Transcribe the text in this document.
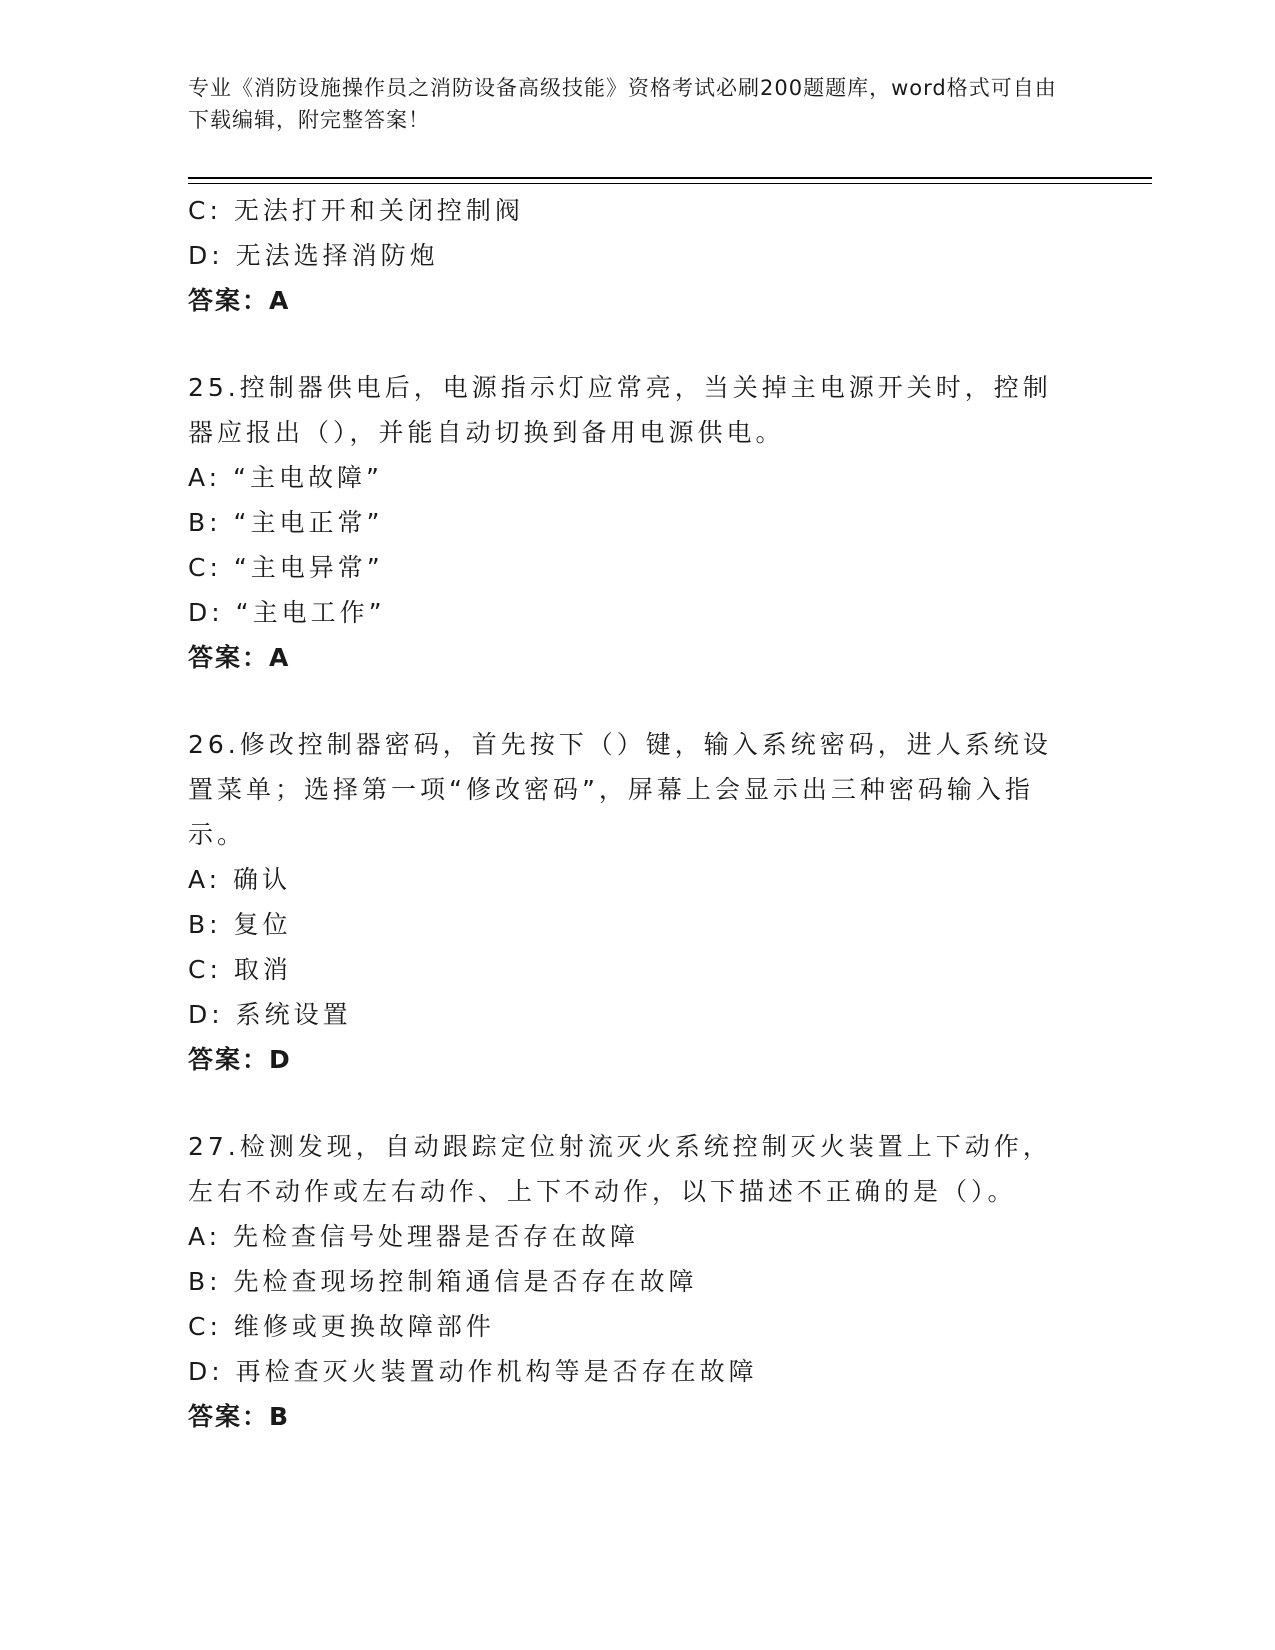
专业《消防设施操作员之消防设备高级技能》资格考试必刷200题题库，word格式可自由下载编辑，附完整答案！
C: 无法打开和关闭控制阀
D: 无法选择消防炮
答案：A
25.控制器供电后，电源指示灯应常亮，当关掉主电源开关时，控制器应报出（），并能自动切换到备用电源供电。
A: “主电故障”
B: “主电正常”
C: “主电异常”
D: “主电工作”
答案：A
26.修改控制器密码，首先按下（）键，输入系统密码，进人系统设置菜单；选择第一项“修改密码”，屏幕上会显示出三种密码输入指示。
A: 确认
B: 复位
C: 取消
D: 系统设置
答案：D
27.检测发现，自动跟踪定位射流灭火系统控制灭火装置上下动作，左右不动作或左右动作、上下不动作，以下描述不正确的是（）。
A: 先检查信号处理器是否存在故障
B: 先检查现场控制箱通信是否存在故障
C: 维修或更换故障部件
D: 再检查灭火装置动作机构等是否存在故障
答案：B
